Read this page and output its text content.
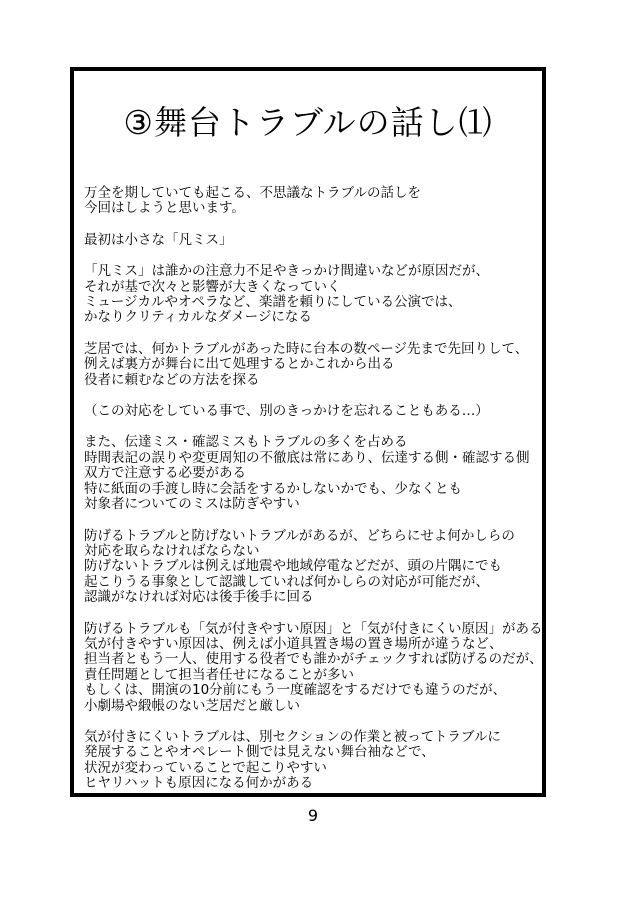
③舞台トラブルの話し⑴

万全を期していても起こる、不思議なトラブルの話しを
今回はしようと思います。

最初は小さな「凡ミス」

「凡ミス」は誰かの注意力不足やきっかけ間違いなどが原因だが、
それが基で次々と影響が大きくなっていく
ミュージカルやオペラなど、楽譜を頼りにしている公演では、
かなりクリティカルなダメージになる

芝居では、何かトラブルがあった時に台本の数ページ先まで先回りして、
例えば裏方が舞台に出て処理するとかこれから出る
役者に頼むなどの方法を探る

（この対応をしている事で、別のきっかけを忘れることもある…）

また、伝達ミス・確認ミスもトラブルの多くを占める
時間表記の誤りや変更周知の不徹底は常にあり、伝達する側・確認する側
双方で注意する必要がある
特に紙面の手渡し時に会話をするかしないかでも、少なくとも
対象者についてのミスは防ぎやすい

防げるトラブルと防げないトラブルがあるが、どちらにせよ何かしらの
対応を取らなければならない
防げないトラブルは例えば地震や地域停電などだが、頭の片隅にでも
起こりうる事象として認識していれば何かしらの対応が可能だが、
認識がなければ対応は後手後手に回る

防げるトラブルも「気が付きやすい原因」と「気が付きにくい原因」がある
気が付きやすい原因は、例えば小道具置き場の置き場所が違うなど、
担当者ともう一人、使用する役者でも誰かがチェックすれば防げるのだが、
責任問題として担当者任せになることが多い
もしくは、開演の10分前にもう一度確認をするだけでも違うのだが、
小劇場や緞帳のない芝居だと厳しい

気が付きにくいトラブルは、別セクションの作業と被ってトラブルに
発展することやオペレート側では見えない舞台袖などで、
状況が変わっていることで起こりやすい
ヒヤリハットも原因になる何かがある

9
